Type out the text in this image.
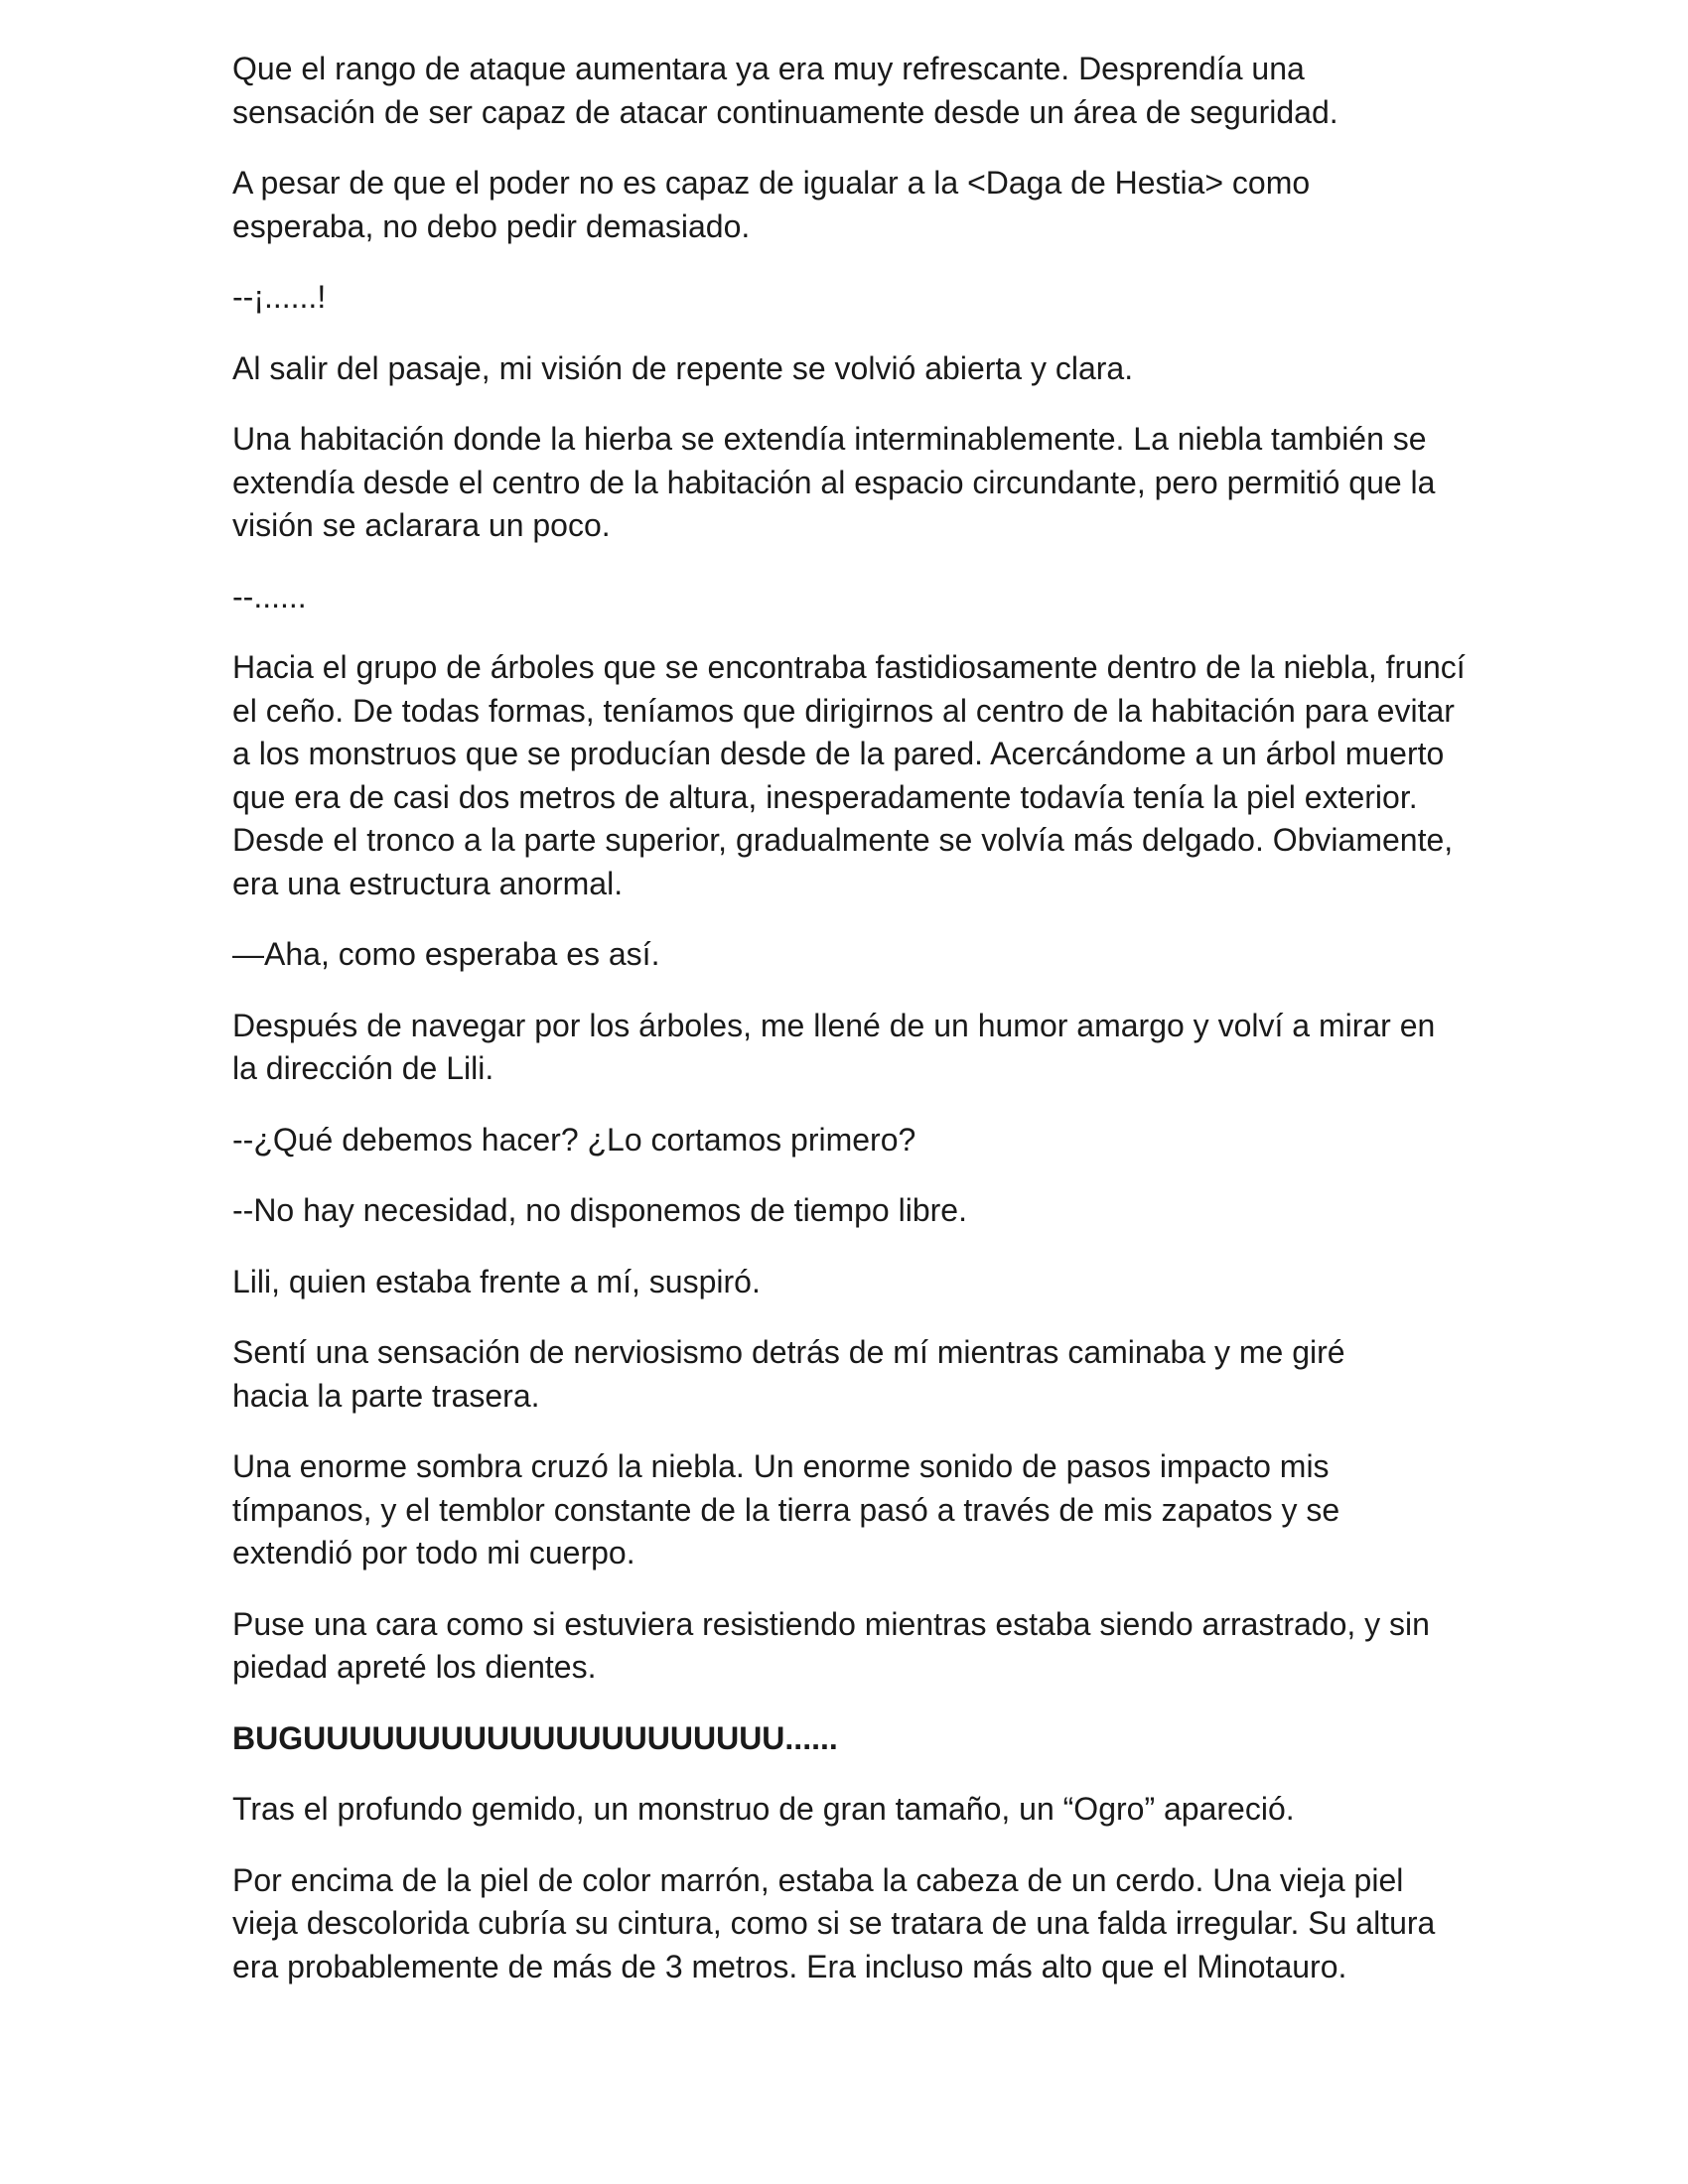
Que el rango de ataque aumentara ya era muy refrescante. Desprendía una sensación de ser capaz de atacar continuamente desde un área de seguridad.

A pesar de que el poder no es capaz de igualar a la <Daga de Hestia> como esperaba, no debo pedir demasiado.

--¡......!

Al salir del pasaje, mi visión de repente se volvió abierta y clara.

Una habitación donde la hierba se extendía interminablemente. La niebla también se extendía desde el centro de la habitación al espacio circundante, pero permitió que la visión se aclarara un poco.

--......

Hacia el grupo de árboles que se encontraba fastidiosamente dentro de la niebla, fruncí el ceño. De todas formas, teníamos que dirigirnos al centro de la habitación para evitar a los monstruos que se producían desde de la pared. Acercándome a un árbol muerto que era de casi dos metros de altura, inesperadamente todavía tenía la piel exterior. Desde el tronco a la parte superior, gradualmente se volvía más delgado. Obviamente, era una estructura anormal.

—Aha, como esperaba es así.

Después de navegar por los árboles, me llené de un humor amargo y volví a mirar en la dirección de Lili.

--¿Qué debemos hacer? ¿Lo cortamos primero?

--No hay necesidad, no disponemos de tiempo libre.

Lili, quien estaba frente a mí, suspiró.

Sentí una sensación de nerviosismo detrás de mí mientras caminaba y me giré hacia la parte trasera.

Una enorme sombra cruzó la niebla. Un enorme sonido de pasos impacto mis tímpanos, y el temblor constante de la tierra pasó a través de mis zapatos y se extendió por todo mi cuerpo.

Puse una cara como si estuviera resistiendo mientras estaba siendo arrastrado, y sin piedad apreté los dientes.

BUGUUUUUUUUUUUUUUUUUUUUU......

Tras el profundo gemido, un monstruo de gran tamaño, un “Ogro” apareció.

Por encima de la piel de color marrón, estaba la cabeza de un cerdo. Una vieja piel vieja descolorida cubría su cintura, como si se tratara de una falda irregular. Su altura era probablemente de más de 3 metros. Era incluso más alto que el Minotauro.
